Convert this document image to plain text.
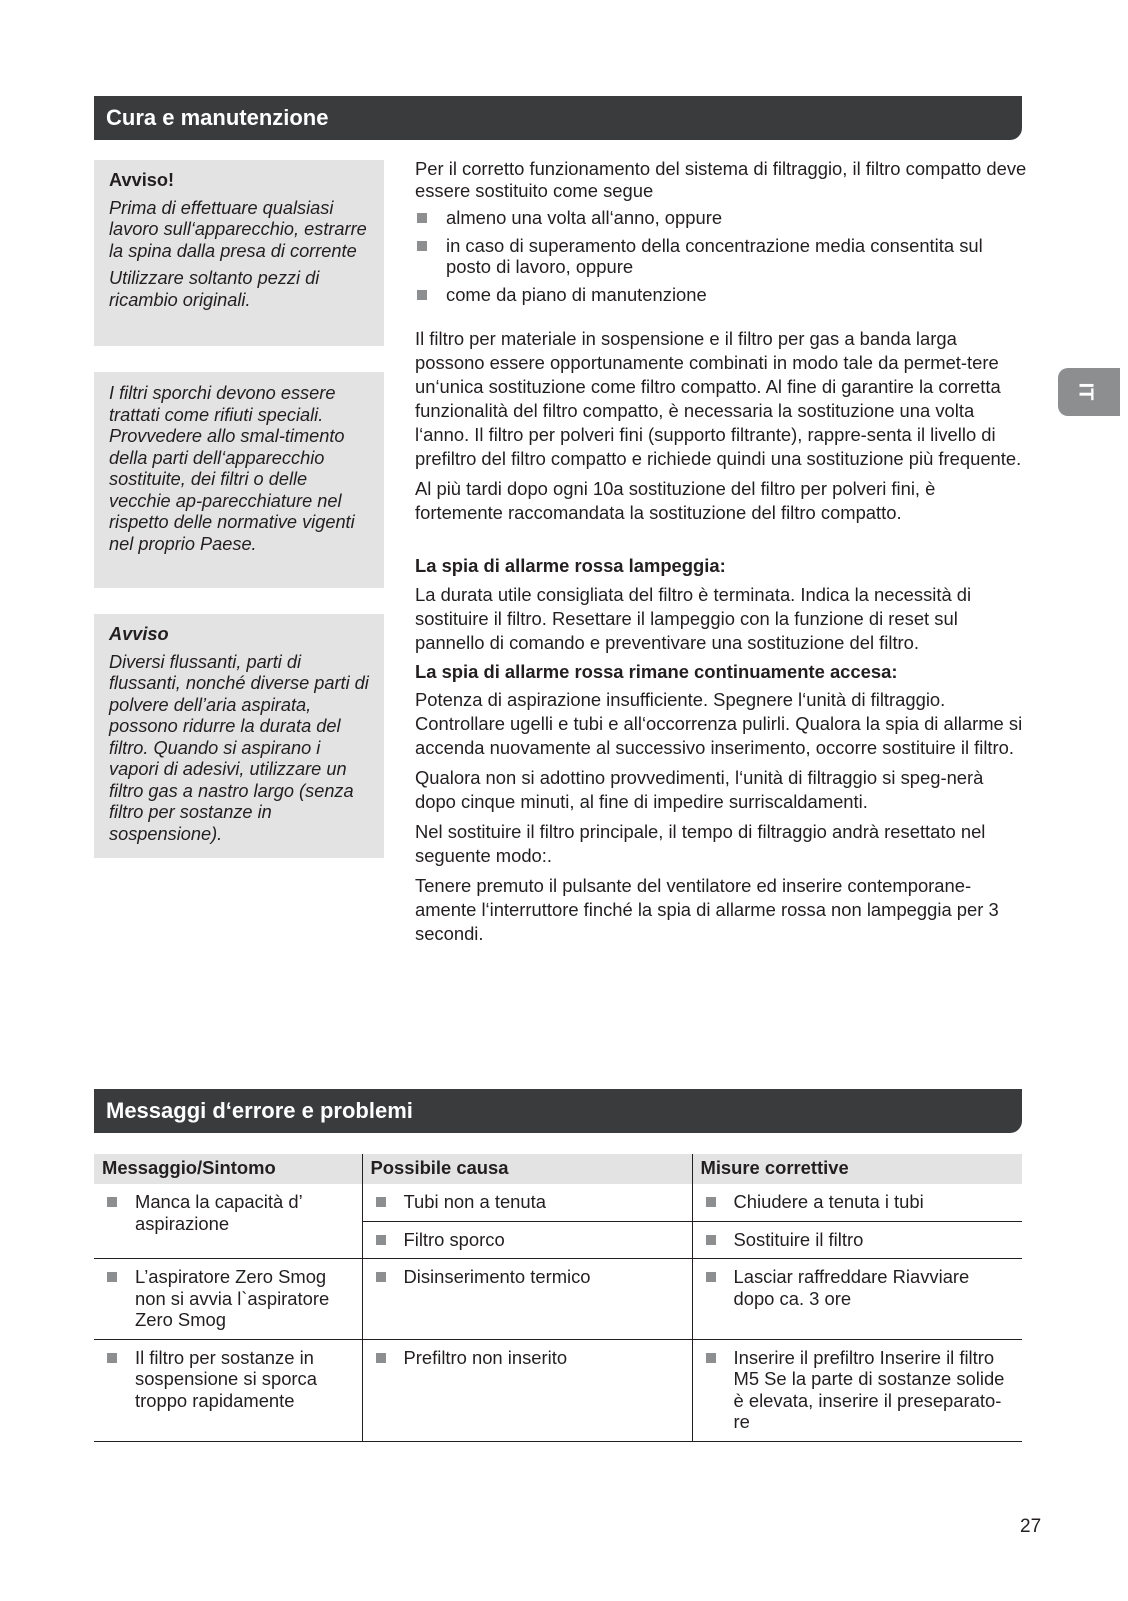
Cura e manutenzione

Avviso!

Prima di effettuare qualsiasi lavoro sull‘apparecchio, estrarre la spina dalla presa di corrente

Utilizzare soltanto pezzi di ricambio originali.

I filtri sporchi devono essere trattati come rifiuti speciali. Provvedere allo smal-timento della parti dell‘apparecchio sostituite, dei filtri o delle vecchie ap-parecchiature nel rispetto delle normative vigenti nel proprio Paese.

Avviso

Diversi flussanti, parti di flussanti, nonché diverse parti di polvere dell’aria aspirata, possono ridurre la durata del filtro. Quando si aspirano i vapori di adesivi, utilizzare un filtro gas a nastro largo (senza filtro per sostanze in sospensione).

Per il corretto funzionamento del sistema di filtraggio, il filtro compatto deve essere sostituito come segue

almeno una volta all‘anno, oppure
in caso di superamento della concentrazione media consentita sul posto di lavoro, oppure
come da piano di manutenzione

Il filtro per materiale in sospensione e il filtro per gas a banda larga possono essere opportunamente combinati in modo tale da permet-tere un‘unica sostituzione come filtro compatto. Al fine di garantire la corretta funzionalità del filtro compatto, è necessaria la sostituzione una volta l‘anno. Il filtro per polveri fini (supporto filtrante), rappre-senta il livello di prefiltro del filtro compatto e richiede quindi una sostituzione più frequente.

Al più tardi dopo ogni 10a sostituzione del filtro per polveri fini, è fortemente raccomandata la sostituzione del filtro compatto.

La spia di allarme rossa lampeggia:

La durata utile consigliata del filtro è terminata. Indica la necessità di sostituire il filtro. Resettare il lampeggio con la funzione di reset sul pannello di comando e preventivare una sostituzione del filtro.

La spia di allarme rossa rimane continuamente accesa:

Potenza di aspirazione insufficiente. Spegnere l‘unità di filtraggio. Controllare ugelli e tubi e all‘occorrenza pulirli. Qualora la spia di allarme si accenda nuovamente al successivo inserimento, occorre sostituire il filtro.

Qualora non si adottino provvedimenti, l‘unità di filtraggio si speg-nerà dopo cinque minuti, al fine di impedire surriscaldamenti.

Nel sostituire il filtro principale, il tempo di filtraggio andrà resettato nel seguente modo:.

Tenere premuto il pulsante del ventilatore ed inserire contemporane-amente l‘interruttore finché la spia di allarme rossa non lampeggia per 3 secondi.

IT
Messaggi d‘errore e problemi
Messaggio/Sintomo	Possibile causa	Misure correttive

Manca la capacità d’ aspirazione	Tubi non a tenuta	Chiudere a tenuta i tubi

Filtro sporco	Sostituire il filtro

L’aspiratore Zero Smog non si avvia l`aspiratore Zero Smog	Disinserimento termico	Lasciar raffreddare Riavviare dopo ca. 3 ore

Il filtro per sostanze in sospensione si sporca troppo rapidamente	Prefiltro non inserito	Inserire il prefiltro Inserire il filtro M5 Se la parte di sostanze solide è elevata, inserire il preseparato-re
27
